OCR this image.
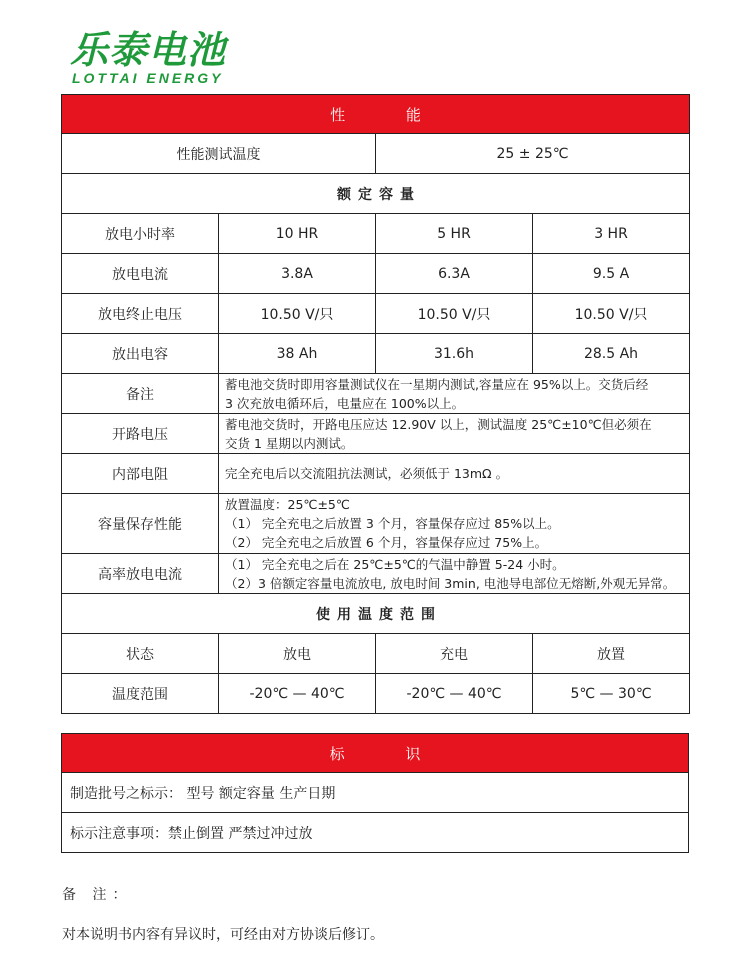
乐泰电池
LOTTAI ENERGY
性 能			
性能测试温度		25 ± 25℃	
额定容量			
放电小时率	10 HR	5 HR	3 HR
放电电流	3.8A	6.3A	9.5 A
放电终止电压	10.50 V/只	10.50 V/只	10.50 V/只
放出电容	38 Ah	31.6h	28.5 Ah
备注	蓄电池交货时即用容量测试仪在一星期内测试,容量应在 95%以上。交货后经
3 次充放电循环后，电量应在 100%以上。		

开路电压	蓄电池交货时，开路电压应达 12.90V 以上，测试温度 25℃±10℃但必须在
交货 1 星期以内测试。		

内部电阻	完全充电后以交流阻抗法测试，必须低于 13mΩ 。		

容量保存性能	放置温度：25℃±5℃
（1） 完全充电之后放置 3 个月，容量保存应过 85%以上。
（2） 完全充电之后放置 6 个月，容量保存应过 75%上。		

高率放电电流	（1） 完全充电之后在 25℃±5℃的气温中静置 5-24 小时。
（2）3 倍额定容量电流放电, 放电时间 3min, 电池导电部位无熔断,外观无异常。		

使用温度范围			
状态	放电	充电	放置
温度范围	-20℃ — 40℃	-20℃ — 40℃	5℃ — 30℃
标 识
制造批号之标示： 型号 额定容量 生产日期
标示注意事项：禁止倒置 严禁过冲过放
备 注：
对本说明书内容有异议时，可经由对方协谈后修订。
